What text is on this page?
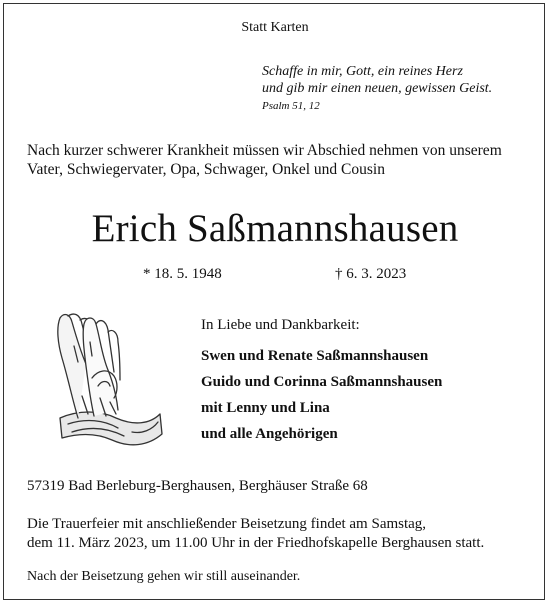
Statt Karten
Schaffe in mir, Gott, ein reines Herz
und gib mir einen neuen, gewissen Geist.
Psalm 51, 12
Nach kurzer schwerer Krankheit müssen wir Abschied nehmen von unserem
Vater, Schwiegervater, Opa, Schwager, Onkel und Cousin
Erich Saßmannshausen
* 18. 5. 1948	† 6. 3. 2023
In Liebe und Dankbarkeit:
Swen und Renate Saßmannshausen
Guido und Corinna Saßmannshausen
mit Lenny und Lina
und alle Angehörigen
57319 Bad Berleburg-Berghausen, Berghäuser Straße 68
Die Trauerfeier mit anschließender Beisetzung findet am Samstag,
dem 11. März 2023, um 11.00 Uhr in der Friedhofskapelle Berghausen statt.
Nach der Beisetzung gehen wir still auseinander.
